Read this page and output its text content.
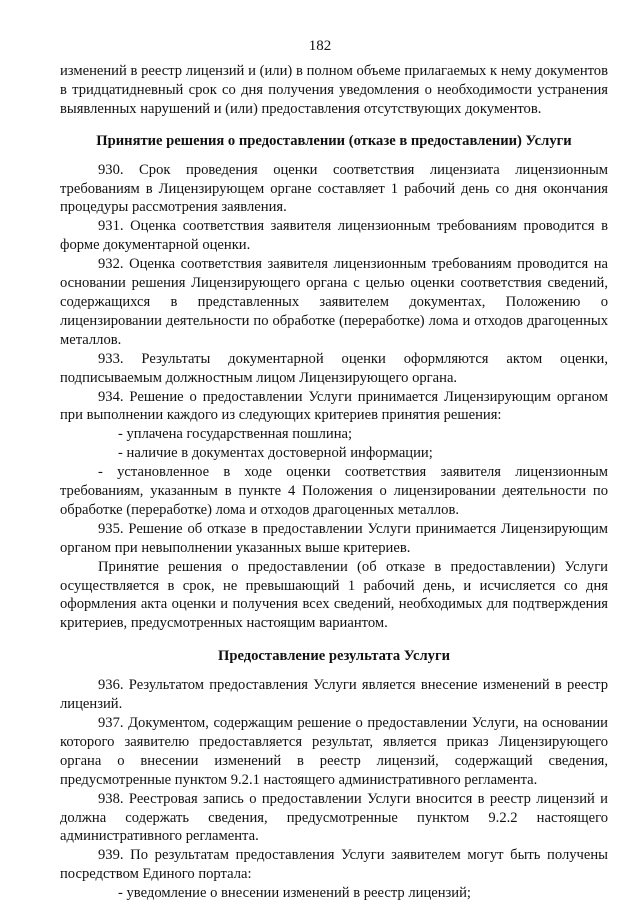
182

изменений в реестр лицензий и (или) в полном объеме прилагаемых к нему документов в тридцатидневный срок со дня получения уведомления о необходимости устранения выявленных нарушений и (или) предоставления отсутствующих документов.

Принятие решения о предоставлении (отказе в предоставлении) Услуги

930. Срок проведения оценки соответствия лицензиата лицензионным требованиям в Лицензирующем органе составляет 1 рабочий день со дня окончания процедуры рассмотрения заявления.

931. Оценка соответствия заявителя лицензионным требованиям проводится в форме документарной оценки.

932. Оценка соответствия заявителя лицензионным требованиям проводится на основании решения Лицензирующего органа с целью оценки соответствия сведений, содержащихся в представленных заявителем документах, Положению о лицензировании деятельности по обработке (переработке) лома и отходов драгоценных металлов.

933. Результаты документарной оценки оформляются актом оценки, подписываемым должностным лицом Лицензирующего органа.

934. Решение о предоставлении Услуги принимается Лицензирующим органом при выполнении каждого из следующих критериев принятия решения:

- уплачена государственная пошлина;

- наличие в документах достоверной информации;

- установленное в ходе оценки соответствия заявителя лицензионным требованиям, указанным в пункте 4 Положения о лицензировании деятельности по обработке (переработке) лома и отходов драгоценных металлов.

935. Решение об отказе в предоставлении Услуги принимается Лицензирующим органом при невыполнении указанных выше критериев.

Принятие решения о предоставлении (об отказе в предоставлении) Услуги осуществляется в срок, не превышающий 1 рабочий день, и исчисляется со дня оформления акта оценки и получения всех сведений, необходимых для подтверждения критериев, предусмотренных настоящим вариантом.

Предоставление результата Услуги

936. Результатом предоставления Услуги является внесение изменений в реестр лицензий.

937. Документом, содержащим решение о предоставлении Услуги, на основании которого заявителю предоставляется результат, является приказ Лицензирующего органа о внесении изменений в реестр лицензий, содержащий сведения, предусмотренные пунктом 9.2.1 настоящего административного регламента.

938. Реестровая запись о предоставлении Услуги вносится в реестр лицензий и должна содержать сведения, предусмотренные пунктом 9.2.2 настоящего административного регламента.

939. По результатам предоставления Услуги заявителем могут быть получены посредством Единого портала:

- уведомление о внесении изменений в реестр лицензий;
